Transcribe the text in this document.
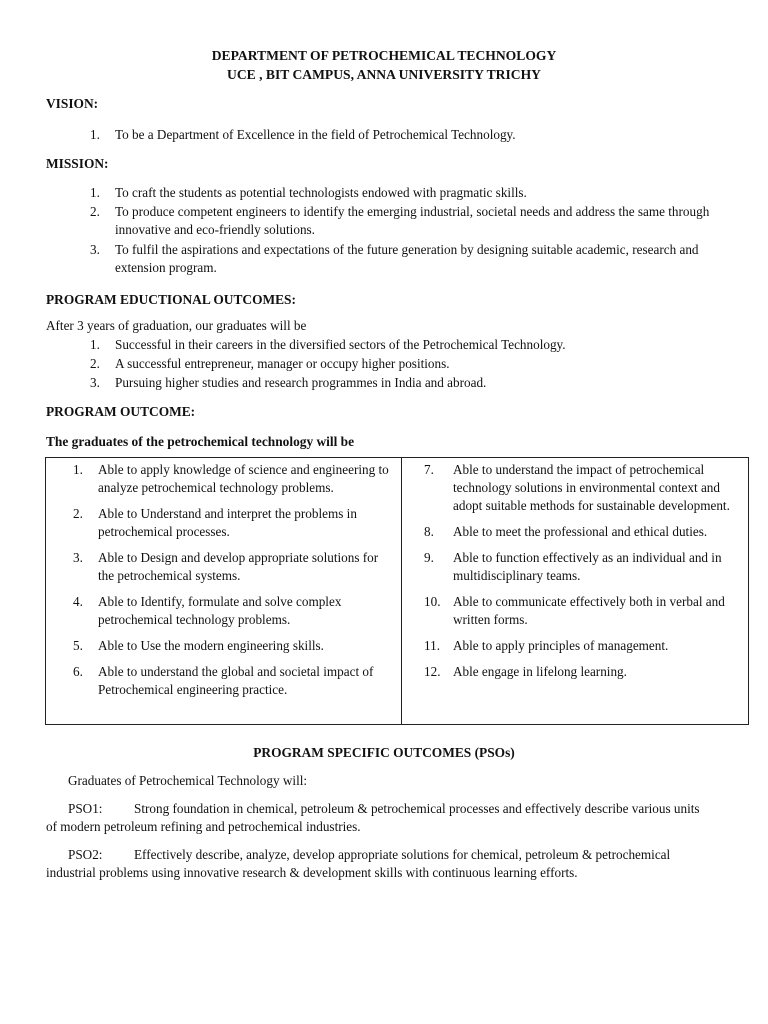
DEPARTMENT OF PETROCHEMICAL TECHNOLOGY
UCE , BIT CAMPUS, ANNA UNIVERSITY TRICHY
VISION:
1. To be a Department of Excellence in the field of Petrochemical Technology.
MISSION:
1. To craft the students as potential technologists endowed with pragmatic skills.
2. To produce competent engineers to identify the emerging industrial, societal needs and address the same through innovative and eco-friendly solutions.
3. To fulfil the aspirations and expectations of the future generation by designing suitable academic, research and extension program.
PROGRAM EDUCTIONAL OUTCOMES:
After 3 years of graduation, our graduates will be
1. Successful in their careers in the diversified sectors of the Petrochemical Technology.
2. A successful entrepreneur, manager or occupy higher positions.
3. Pursuing higher studies and research programmes in India and abroad.
PROGRAM OUTCOME:
The graduates of the petrochemical technology will be
1. Able to apply knowledge of science and engineering to analyze petrochemical technology problems.
2. Able to Understand and interpret the problems in petrochemical processes.
3. Able to Design and develop appropriate solutions for the petrochemical systems.
4. Able to Identify, formulate and solve complex petrochemical technology problems.
5. Able to Use the modern engineering skills.
6. Able to understand the global and societal impact of Petrochemical engineering practice.
7. Able to understand the impact of petrochemical technology solutions in environmental context and adopt suitable methods for sustainable development.
8. Able to meet the professional and ethical duties.
9. Able to function effectively as an individual and in multidisciplinary teams.
10. Able to communicate effectively both in verbal and written forms.
11. Able to apply principles of management.
12. Able engage in lifelong learning.
PROGRAM SPECIFIC OUTCOMES (PSOs)
Graduates of Petrochemical Technology will:
PSO1: Strong foundation in chemical, petroleum & petrochemical processes and effectively describe various units of modern petroleum refining and petrochemical industries.
PSO2: Effectively describe, analyze, develop appropriate solutions for chemical, petroleum & petrochemical industrial problems using innovative research & development skills with continuous learning efforts.
